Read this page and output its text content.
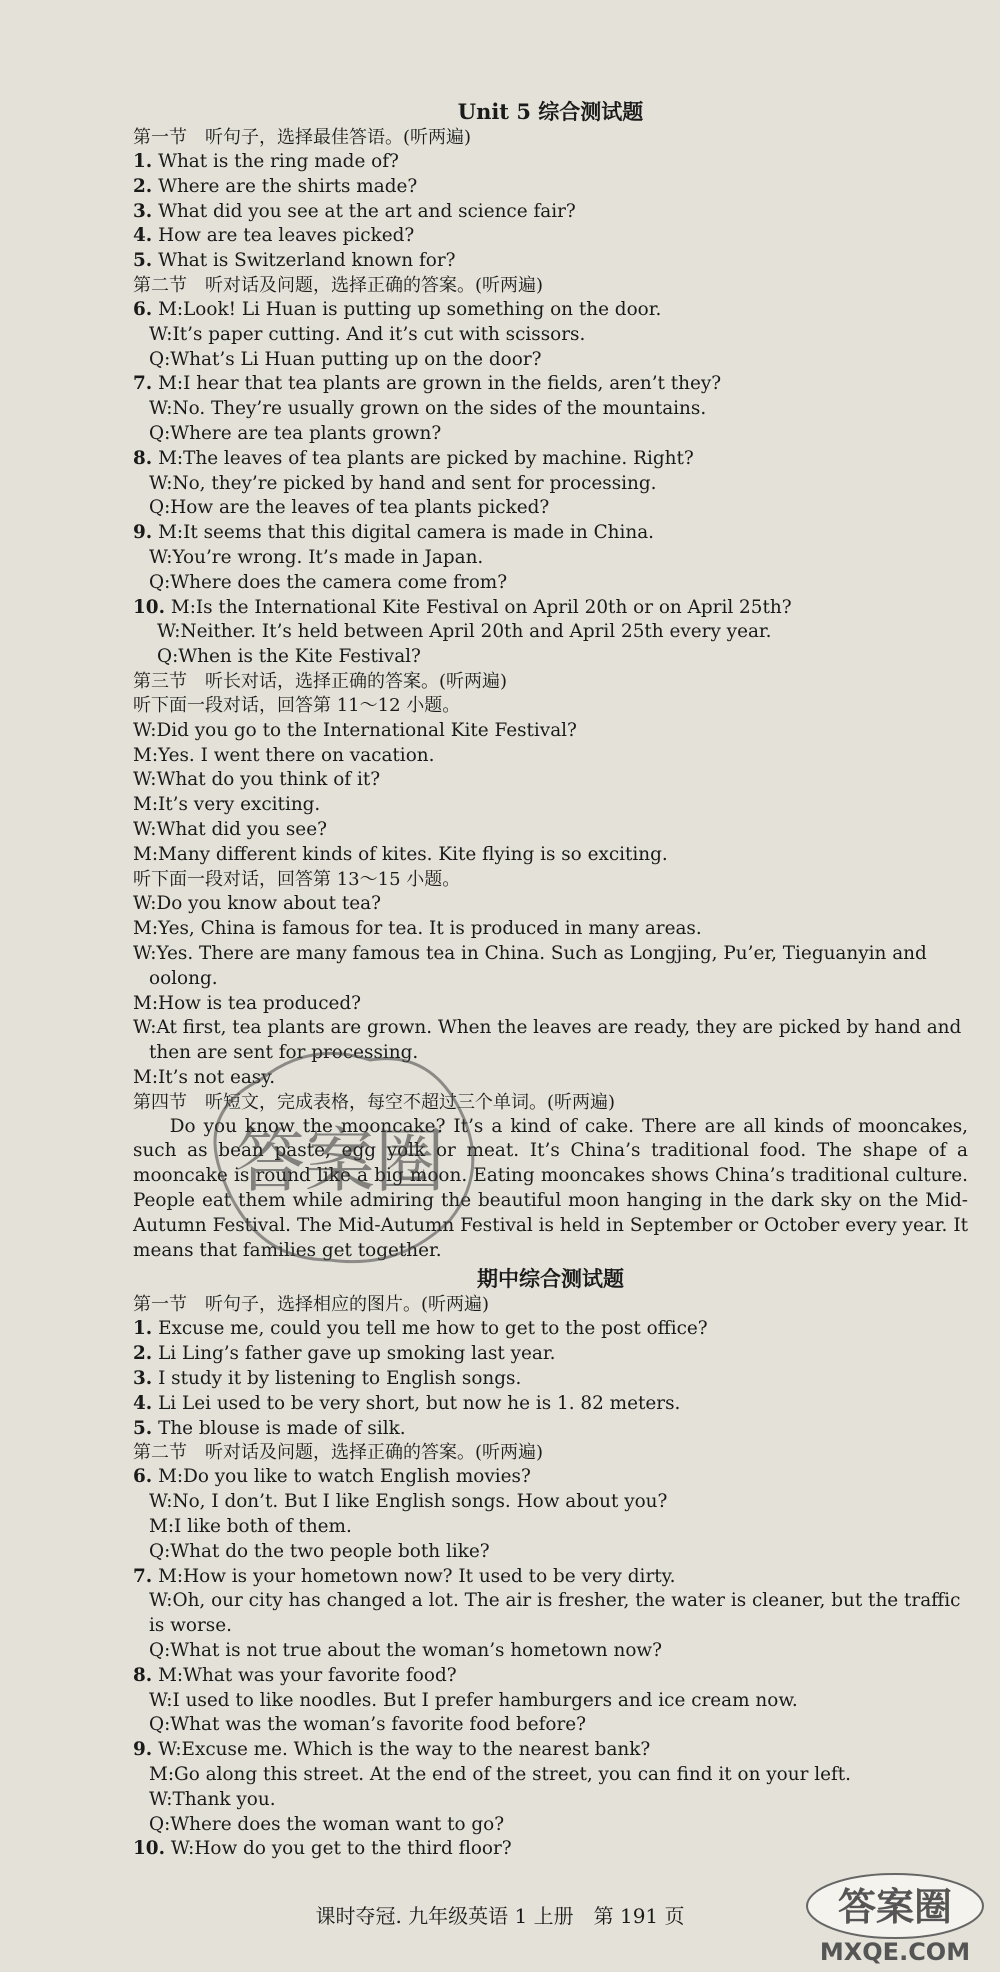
Unit 5 综合测试题

第一节　听句子，选择最佳答语。(听两遍)

1. What is the ring made of?

2. Where are the shirts made?

3. What did you see at the art and science fair?

4. How are tea leaves picked?

5. What is Switzerland known for?

第二节　听对话及问题，选择正确的答案。(听两遍)

6. M:Look! Li Huan is putting up something on the door.

W:It’s paper cutting. And it’s cut with scissors.

Q:What’s Li Huan putting up on the door?

7. M:I hear that tea plants are grown in the fields, aren’t they?

W:No. They’re usually grown on the sides of the mountains.

Q:Where are tea plants grown?

8. M:The leaves of tea plants are picked by machine. Right?

W:No, they’re picked by hand and sent for processing.

Q:How are the leaves of tea plants picked?

9. M:It seems that this digital camera is made in China.

W:You’re wrong. It’s made in Japan.

Q:Where does the camera come from?

10. M:Is the International Kite Festival on April 20th or on April 25th?

W:Neither. It’s held between April 20th and April 25th every year.

Q:When is the Kite Festival?

第三节　听长对话，选择正确的答案。(听两遍)

听下面一段对话，回答第 11～12 小题。

W:Did you go to the International Kite Festival?

M:Yes. I went there on vacation.

W:What do you think of it?

M:It’s very exciting.

W:What did you see?

M:Many different kinds of kites. Kite flying is so exciting.

听下面一段对话，回答第 13～15 小题。

W:Do you know about tea?

M:Yes, China is famous for tea. It is produced in many areas.

W:Yes. There are many famous tea in China. Such as Longjing, Pu’er, Tieguanyin and oolong.

M:How is tea produced?

W:At first, tea plants are grown. When the leaves are ready, they are picked by hand and then are sent for processing.

M:It’s not easy.

第四节　听短文，完成表格，每空不超过三个单词。(听两遍)

Do you know the mooncake? It’s a kind of cake. There are all kinds of mooncakes, such as bean paste, egg yolk or meat. It’s China’s traditional food. The shape of a mooncake is round like a big moon. Eating mooncakes shows China’s traditional culture. People eat them while admiring the beautiful moon hanging in the dark sky on the Mid-Autumn Festival. The Mid-Autumn Festival is held in September or October every year. It means that families get together.

期中综合测试题

第一节　听句子，选择相应的图片。(听两遍)

1. Excuse me, could you tell me how to get to the post office?

2. Li Ling’s father gave up smoking last year.

3. I study it by listening to English songs.

4. Li Lei used to be very short, but now he is 1. 82 meters.

5. The blouse is made of silk.

第二节　听对话及问题，选择正确的答案。(听两遍)

6. M:Do you like to watch English movies?

W:No, I don’t. But I like English songs. How about you?

M:I like both of them.

Q:What do the two people both like?

7. M:How is your hometown now? It used to be very dirty.

W:Oh, our city has changed a lot. The air is fresher, the water is cleaner, but the traffic is worse.

Q:What is not true about the woman’s hometown now?

8. M:What was your favorite food?

W:I used to like noodles. But I prefer hamburgers and ice cream now.

Q:What was the woman’s favorite food before?

9. W:Excuse me. Which is the way to the nearest bank?

M:Go along this street. At the end of the street, you can find it on your left.

W:Thank you.

Q:Where does the woman want to go?

10. W:How do you get to the third floor?

答案圈

课时夺冠. 九年级英语 1 上册　第 191 页	答案圈
MXQE.COM
